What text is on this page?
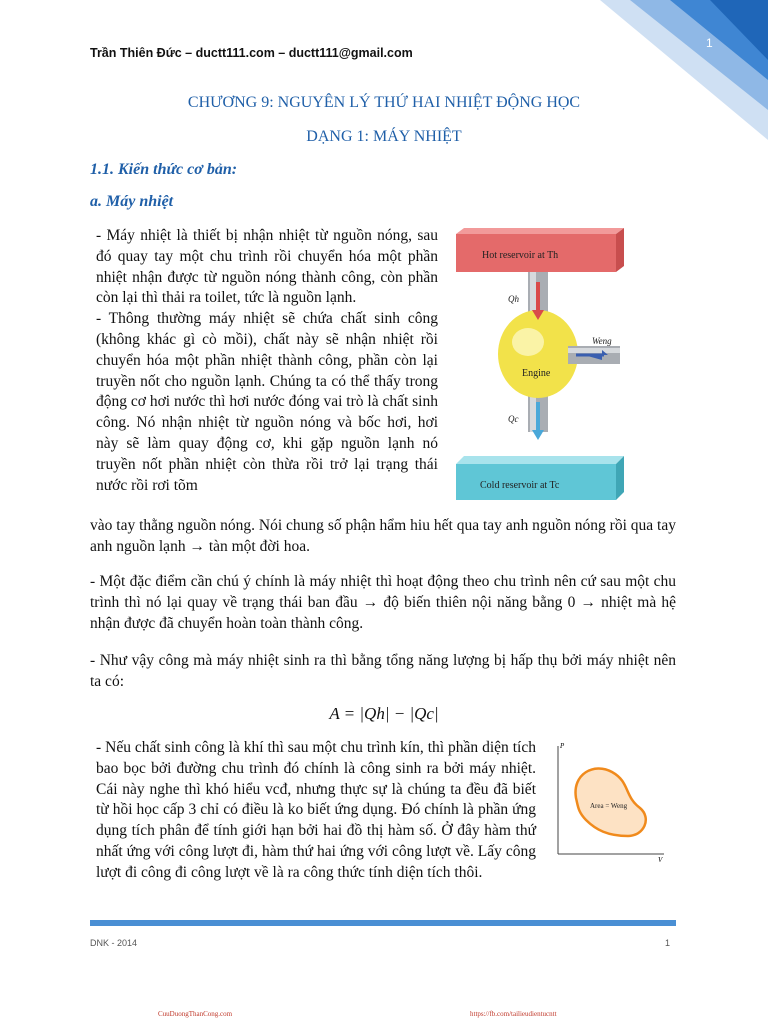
Trần Thiên Đức – ductt111.com – ductt111@gmail.com
1
CHƯƠNG 9: NGUYÊN LÝ THỨ HAI NHIỆT ĐỘNG HỌC
DẠNG 1: MÁY NHIỆT
1.1. Kiến thức cơ bản:
a. Máy nhiệt

- Máy nhiệt là thiết bị nhận nhiệt từ nguồn nóng, sau đó quay tay một chu trình rồi chuyển hóa một phần nhiệt nhận được từ nguồn nóng thành công, còn phần còn lại thì thải ra toilet, tức là nguồn lạnh.

- Thông thường máy nhiệt sẽ chứa chất sinh công (không khác gì cò mồi), chất này sẽ nhận nhiệt rồi chuyển hóa một phần nhiệt thành công, phần còn lại truyền nốt cho nguồn lạnh. Chúng ta có thể thấy trong động cơ hơi nước thì hơi nước đóng vai trò là chất sinh công. Nó nhận nhiệt từ nguồn nóng và bốc hơi, hơi này sẽ làm quay động cơ, khi gặp nguồn lạnh nó truyền nốt phần nhiệt còn thừa rồi trở lại trạng thái nước rồi rơi tõm

Hot reservoir at Th
Weng
Engine
Qh
Qc
Cold reservoir at Tc

vào tay thằng nguồn nóng. Nói chung số phận hẩm hiu hết qua tay anh nguồn nóng rồi qua tay anh nguồn lạnh → tàn một đời hoa.

- Một đặc điểm cần chú ý chính là máy nhiệt thì hoạt động theo chu trình nên cứ sau một chu trình thì nó lại quay về trạng thái ban đầu → độ biến thiên nội năng bằng 0 → nhiệt mà hệ nhận được đã chuyển hoàn toàn thành công.

- Như vậy công mà máy nhiệt sinh ra thì bằng tổng năng lượng bị hấp thụ bởi máy nhiệt nên ta có:

A = |Qh| − |Qc|

- Nếu chất sinh công là khí thì sau một chu trình kín, thì phần diện tích bao bọc bởi đường chu trình đó chính là công sinh ra bởi máy nhiệt. Cái này nghe thì khó hiểu vcđ, nhưng thực sự là chúng ta đều đã biết từ hồi học cấp 3 chỉ có điều là ko biết ứng dụng. Đó chính là phần ứng dụng tích phân để tính giới hạn bởi hai đồ thị hàm số. Ở đây hàm thứ nhất ứng với công lượt đi, hàm thứ hai ứng với công lượt về. Lấy công lượt đi công đi công lượt về là ra công thức tính diện tích thôi.

P
V
Area = Weng
DNK - 2014	1
CuuDuongThanCong.com	https://fb.com/tailieudientucntt
